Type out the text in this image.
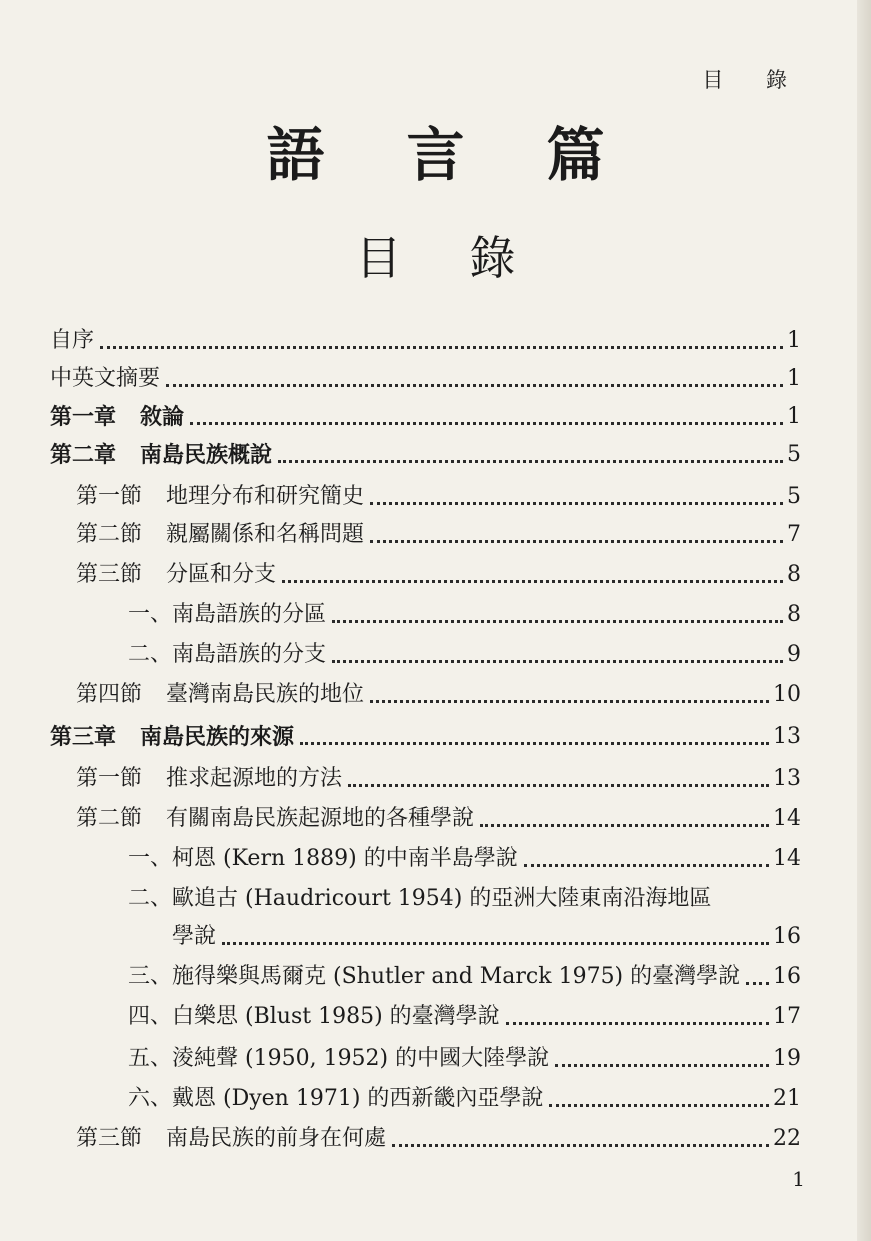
目 錄
語言篇
目錄
自序	1
中英文摘要	1
第一章 敘論	1
第二章 南島民族概說	5
第一節 地理分布和研究簡史	5
第二節 親屬關係和名稱問題	7
第三節 分區和分支	8
一、南島語族的分區	8
二、南島語族的分支	9
第四節 臺灣南島民族的地位	10
第三章 南島民族的來源	13
第一節 推求起源地的方法	13
第二節 有關南島民族起源地的各種學說	14
一、柯恩 (Kern 1889) 的中南半島學說	14
二、 歐追古 (Haudricourt 1954) 的亞洲大陸東南沿海地區
學說	16
三、施得樂與馬爾克 (Shutler and Marck 1975) 的臺灣學說 16
四、白樂思 (Blust 1985) 的臺灣學說	17
五、淩純聲 (1950, 1952) 的中國大陸學說	19
六、戴恩 (Dyen 1971) 的西新畿內亞學說	21
第三節 南島民族的前身在何處	22
1
